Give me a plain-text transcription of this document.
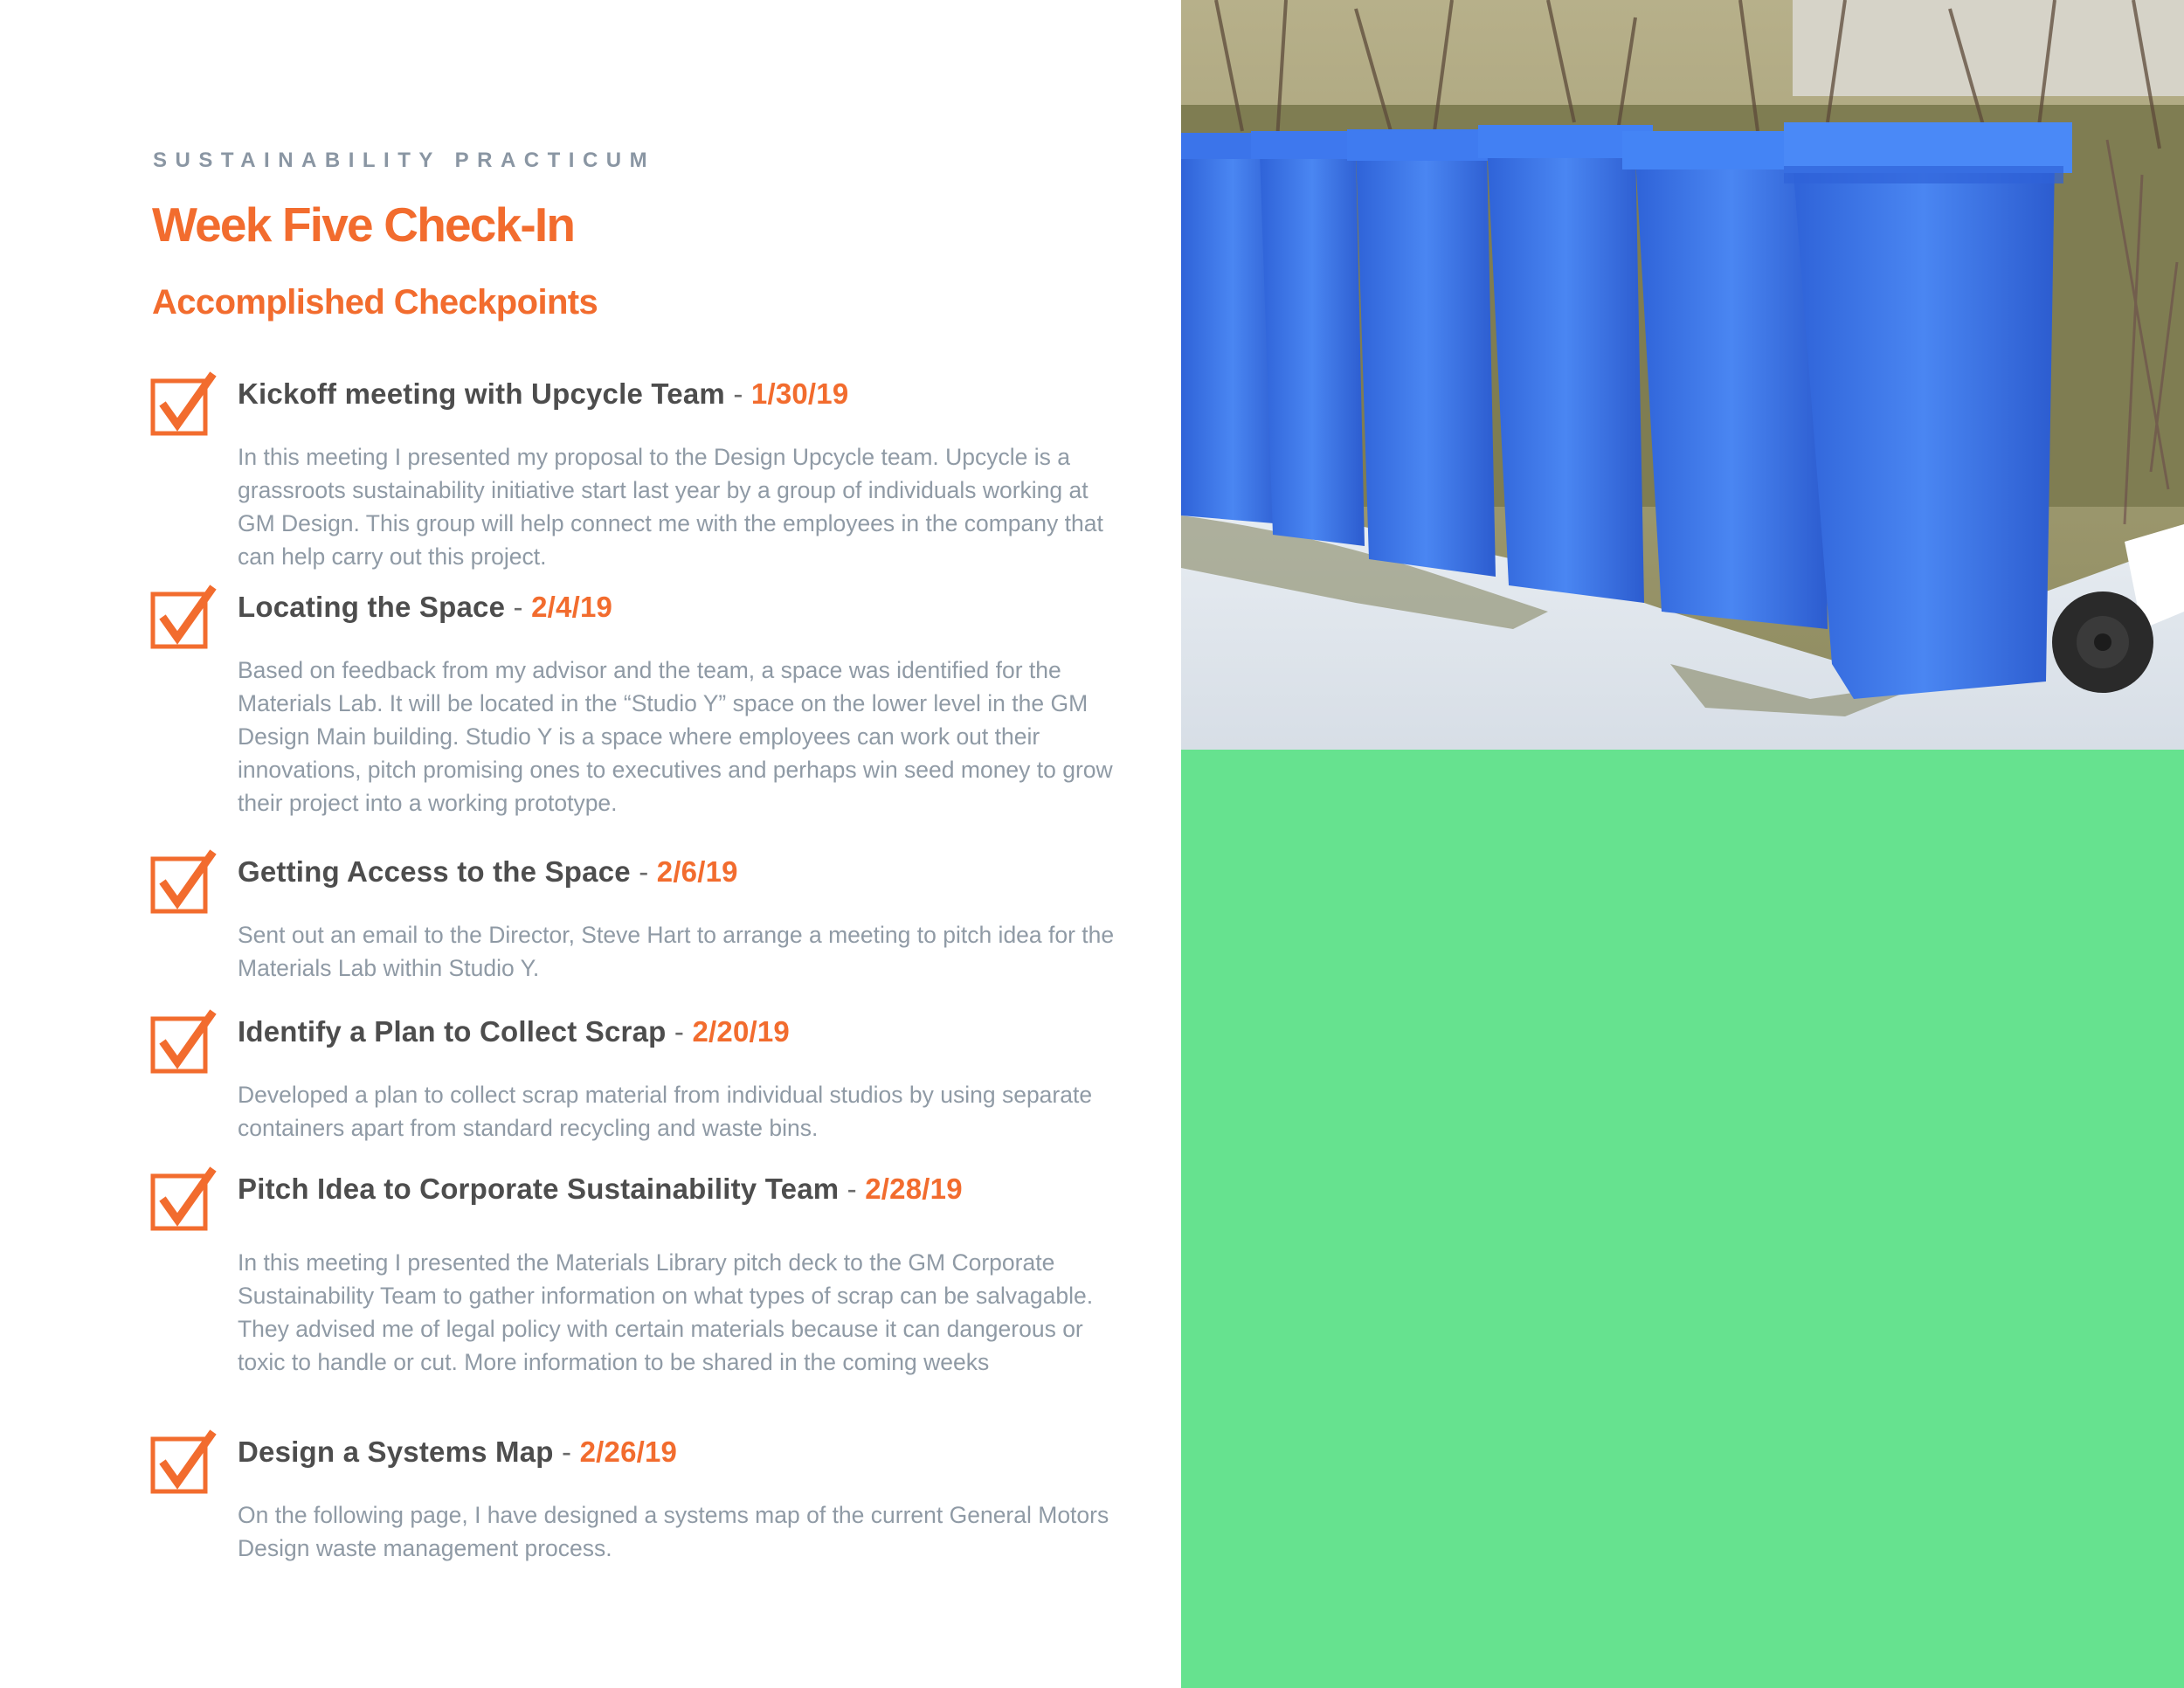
SUSTAINABILITY PRACTICUM
Week Five Check-In
Accomplished Checkpoints
Kickoff meeting with Upcycle Team - 1/30/19

In this meeting I presented my proposal to the Design Upcycle team. Upcycle is a grassroots sustainability initiative start last year by a group of individuals working at GM Design. This group will help connect me with the employees in the company that can help carry out this project.

Locating the Space - 2/4/19

Based on feedback from my advisor and the team, a space was identified for the Materials Lab. It will be located in the “Studio Y” space on the lower level in the GM Design Main building. Studio Y is a space where employees can work out their innovations, pitch promising ones to executives and perhaps win seed money to grow their project into a working prototype.

Getting Access to the Space - 2/6/19

Sent out an email to the Director, Steve Hart to arrange a meeting to pitch idea for the Materials Lab within Studio Y.

Identify a Plan to Collect Scrap - 2/20/19

Developed a plan to collect scrap material from individual studios by using separate containers apart from standard recycling and waste bins.

Pitch Idea to Corporate Sustainability Team - 2/28/19

In this meeting I presented the Materials Library pitch deck to the GM Corporate Sustainability Team to gather information on what types of scrap can be salvagable. They advised me of legal policy with certain materials because it can dangerous or toxic to handle or cut. More information to be shared in the coming weeks

Design a Systems Map - 2/26/19

On the following page, I have designed a systems map of the current General Motors Design waste management process.
